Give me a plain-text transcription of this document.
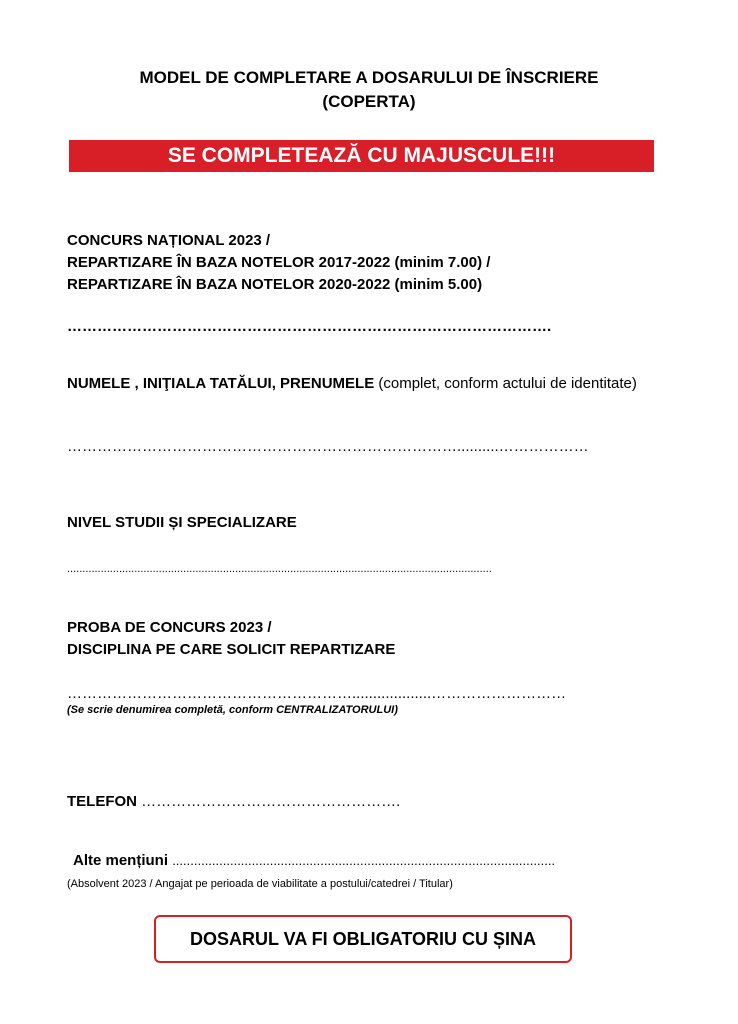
MODEL DE COMPLETARE A DOSARULUI DE ÎNSCRIERE
(COPERTA)
SE COMPLETEAZĂ CU MAJUSCULE!!!
CONCURS NAȚIONAL 2023 /
REPARTIZARE ÎN BAZA NOTELOR 2017-2022 (minim 7.00) /
REPARTIZARE ÎN BAZA NOTELOR 2020-2022 (minim 5.00)
…………………………………………………………………………………….
NUMELE , INIŢIALA TATĂLUI, PRENUMELE (complet, conform actului de identitate)
……………………………………………………………………..........………………
NIVEL STUDII ȘI SPECIALIZARE
...........................................................................................................................................
PROBA DE CONCURS 2023 /
DISCIPLINA PE CARE SOLICIT REPARTIZARE
…………………………………………………...................………………………
(Se scrie denumirea completă, conform CENTRALIZATORULUI)
TELEFON …………………………………………….
Alte mențiuni ..........................................................................................................
(Absolvent 2023 / Angajat pe perioada de viabilitate a postului/catedrei / Titular)
DOSARUL VA FI OBLIGATORIU CU ȘINA
